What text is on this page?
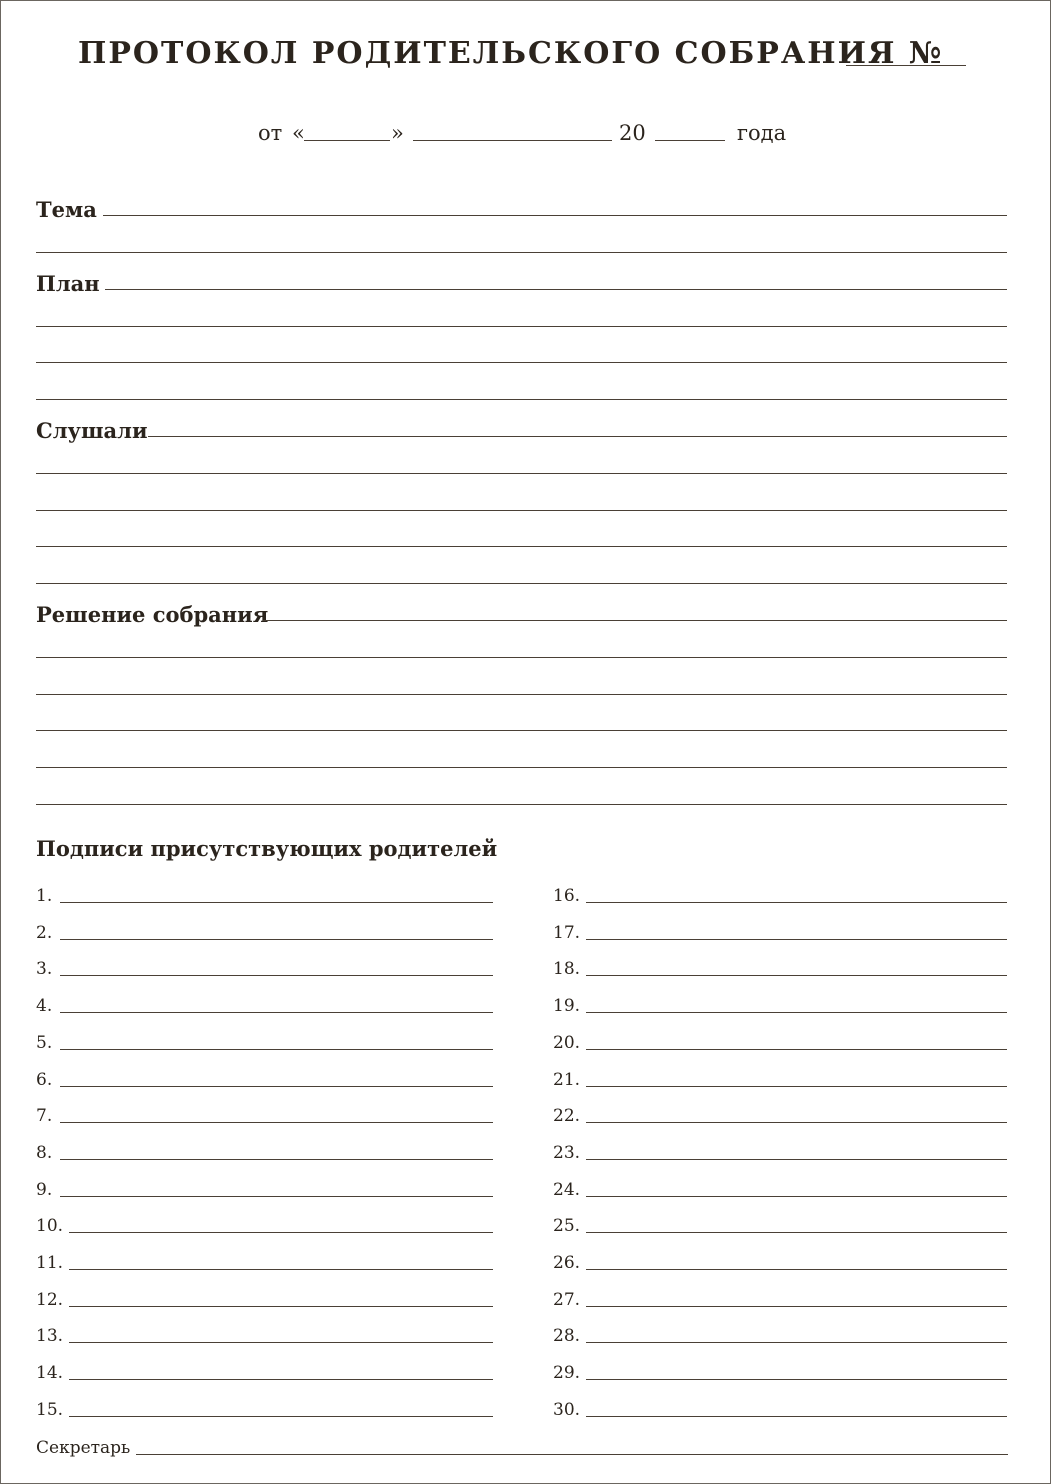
ПРОТОКОЛ РОДИТЕЛЬСКОГО СОБРАНИЯ №
от «	»	20	года
Тема
План
Слушали
Решение собрания
Подписи присутствующих родителей
1.
2.
3.
4.
5.
6.
7.
8.
9.
10.
11.
12.
13.
14.
15.
16.
17.
18.
19.
20.
21.
22.
23.
24.
25.
26.
27.
28.
29.
30.
Секретарь
